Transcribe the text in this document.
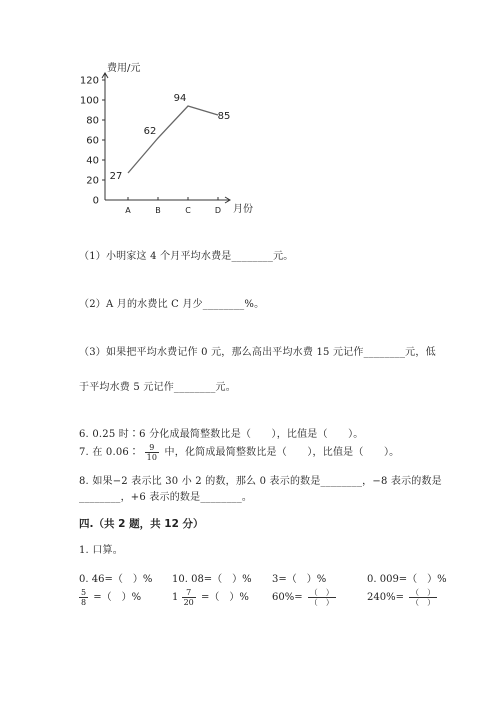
费用/元
月份
0
20
40
60
80
100
120
A	B	C	D
27
62
94
85
（1）小明家这 4 个月平均水费是________元。
（2）A 月的水费比 C 月少________%。
（3）如果把平均水费记作 0 元，那么高出平均水费 15 元记作________元，低
于平均水费 5 元记作________元。
6. 0.25 时∶6 分化成最简整数比是（　　），比值是（　　）。
7. 在 0.06∶ $\frac{9}{10}$ 中，化简成最简整数比是（　　），比值是（　　）。
8. 如果−2 表示比 30 小 2 的数，那么 0 表示的数是________，−8 表示的数是
________，+6 表示的数是________。
四.（共 2 题，共 12 分）
1. 口算。
0. 46=（　）% 10. 08=（　）% 3=（　）%	0. 009=（　）%
$\frac{5}{8}$ =（　）%	$1 \frac{7}{20}$ =（　）% $60\%= \frac{( )}{( )}$	$240\%= \frac{( )}{( )}$
